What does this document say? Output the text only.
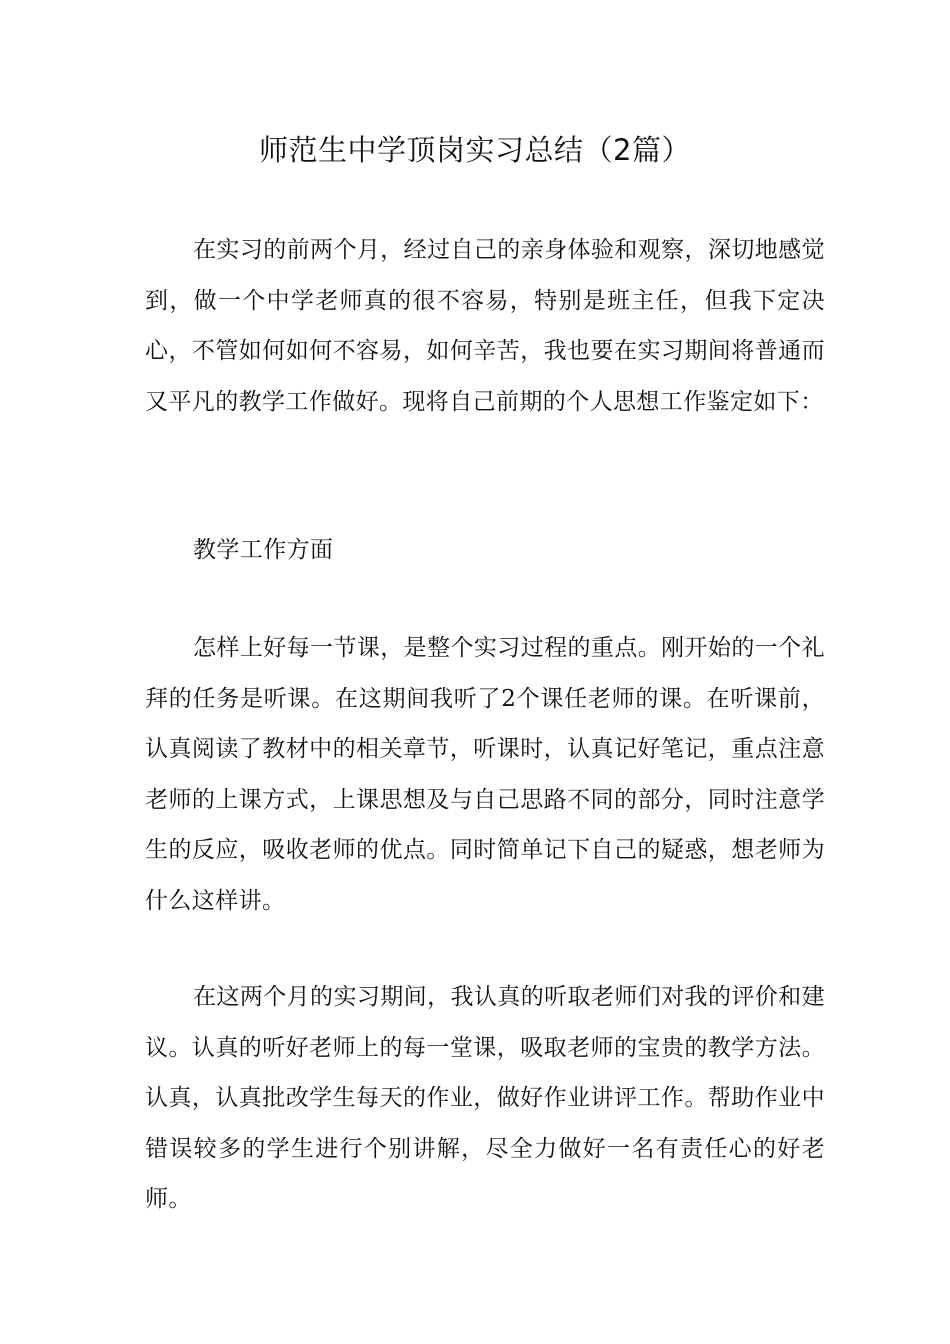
师范生中学顶岗实习总结（2篇）

在实习的前两个月，经过自己的亲身体验和观察，深切地感觉到，做一个中学老师真的很不容易，特别是班主任，但我下定决心，不管如何如何不容易，如何辛苦，我也要在实习期间将普通而又平凡的教学工作做好。现将自己前期的个人思想工作鉴定如下：

教学工作方面

怎样上好每一节课，是整个实习过程的重点。刚开始的一个礼拜的任务是听课。在这期间我听了2个课任老师的课。在听课前，认真阅读了教材中的相关章节，听课时，认真记好笔记，重点注意老师的上课方式，上课思想及与自己思路不同的部分，同时注意学生的反应，吸收老师的优点。同时简单记下自己的疑惑，想老师为什么这样讲。

在这两个月的实习期间，我认真的听取老师们对我的评价和建议。认真的听好老师上的每一堂课，吸取老师的宝贵的教学方法。认真，认真批改学生每天的作业，做好作业讲评工作。帮助作业中错误较多的学生进行个别讲解，尽全力做好一名有责任心的好老师。
